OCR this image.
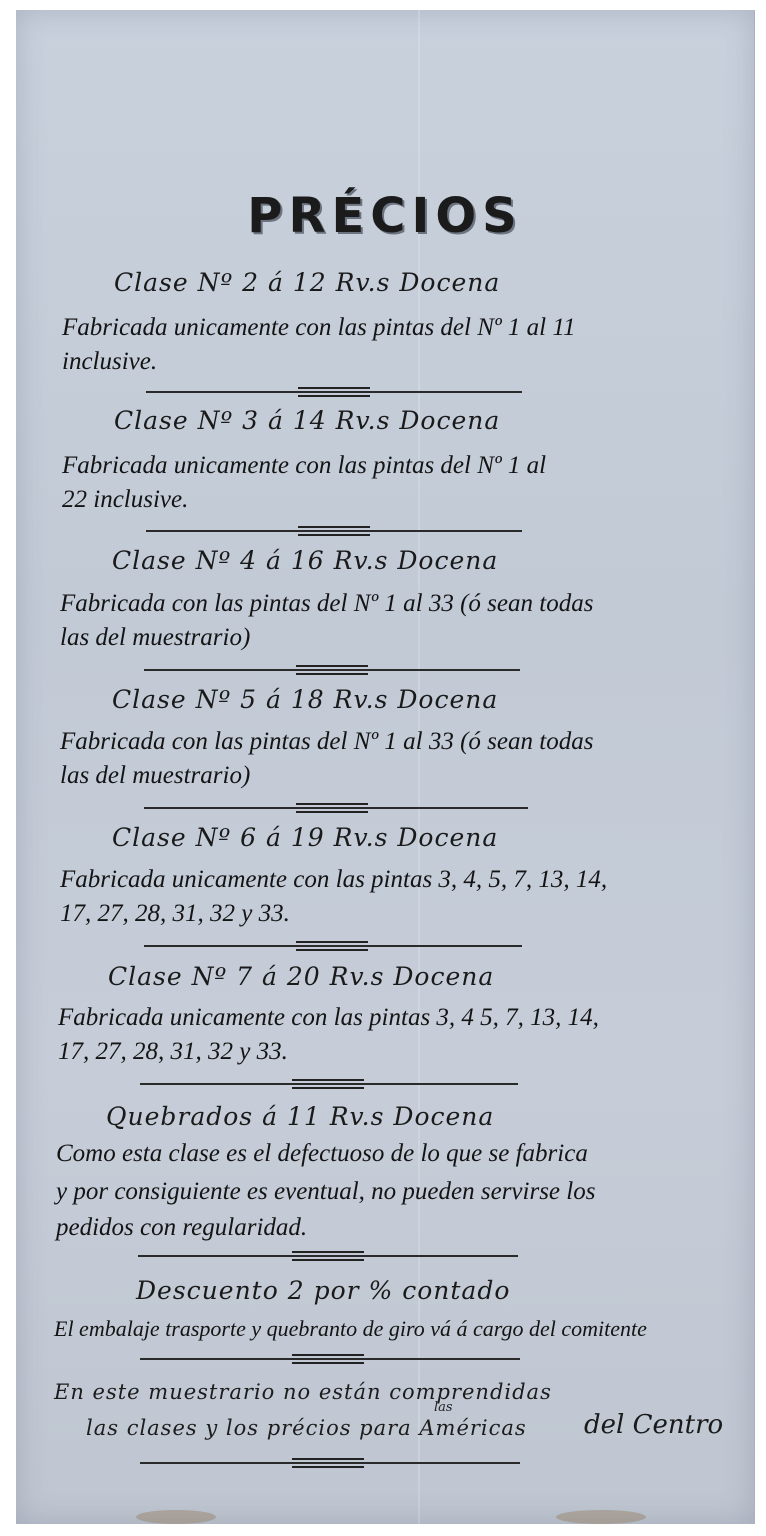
PRÉCIOS
Clase Nº 2 á 12 Rv.s Docena
Fabricada unicamente con las pintas del Nº 1 al 11
inclusive.
Clase Nº 3 á 14 Rv.s Docena
Fabricada unicamente con las pintas del Nº 1 al
22 inclusive.
Clase Nº 4 á 16 Rv.s Docena
Fabricada con las pintas del Nº 1 al 33 (ó sean todas
las del muestrario)
Clase Nº 5 á 18 Rv.s Docena
Fabricada con las pintas del Nº 1 al 33 (ó sean todas
las del muestrario)
Clase Nº 6 á 19 Rv.s Docena
Fabricada unicamente con las pintas 3, 4, 5, 7, 13, 14,
17, 27, 28, 31, 32 y 33.
Clase Nº 7 á 20 Rv.s Docena
Fabricada unicamente con las pintas 3, 4 5, 7, 13, 14,
17, 27, 28, 31, 32 y 33.
Quebrados á 11 Rv.s Docena
Como esta clase es el defectuoso de lo que se fabrica
y por consiguiente es eventual, no pueden servirse los
pedidos con regularidad.
Descuento 2 por % contado
El embalaje trasporte y quebranto de giro vá á cargo del comitente
En este muestrario no están comprendidas
las
las clases y los précios para Américas del Centro
